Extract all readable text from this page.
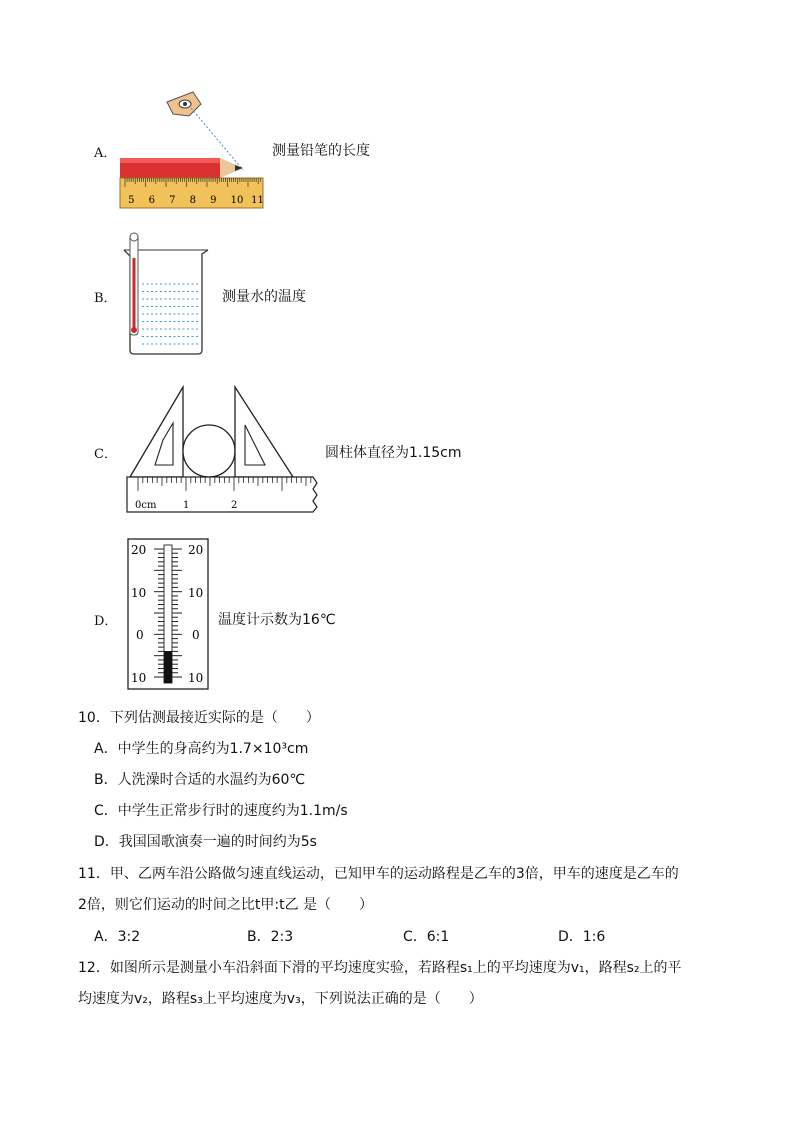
A．
5 6 7 8 9 10 11
测量铅笔的长度
B．	测量水的温度
C．
0cm	1	2
圆柱体直径为1.15cm
D．
20
10
0
10
20
10
0
10
温度计示数为16℃
10．下列估测最接近实际的是（　　）
A．中学生的身高约为1.7×10³cm
B．人洗澡时合适的水温约为60℃
C．中学生正常步行时的速度约为1.1m/s
D．我国国歌演奏一遍的时间约为5s
11．甲、乙两车沿公路做匀速直线运动，已知甲车的运动路程是乙车的3倍，甲车的速度是乙车的
2倍，则它们运动的时间之比t甲:t乙 是（　　）
A．3:2	B．2:3	C．6:1	D．1:6
12．如图所示是测量小车沿斜面下滑的平均速度实验，若路程s₁上的平均速度为v₁，路程s₂上的平
均速度为v₂，路程s₃上平均速度为v₃，下列说法正确的是（　　）
